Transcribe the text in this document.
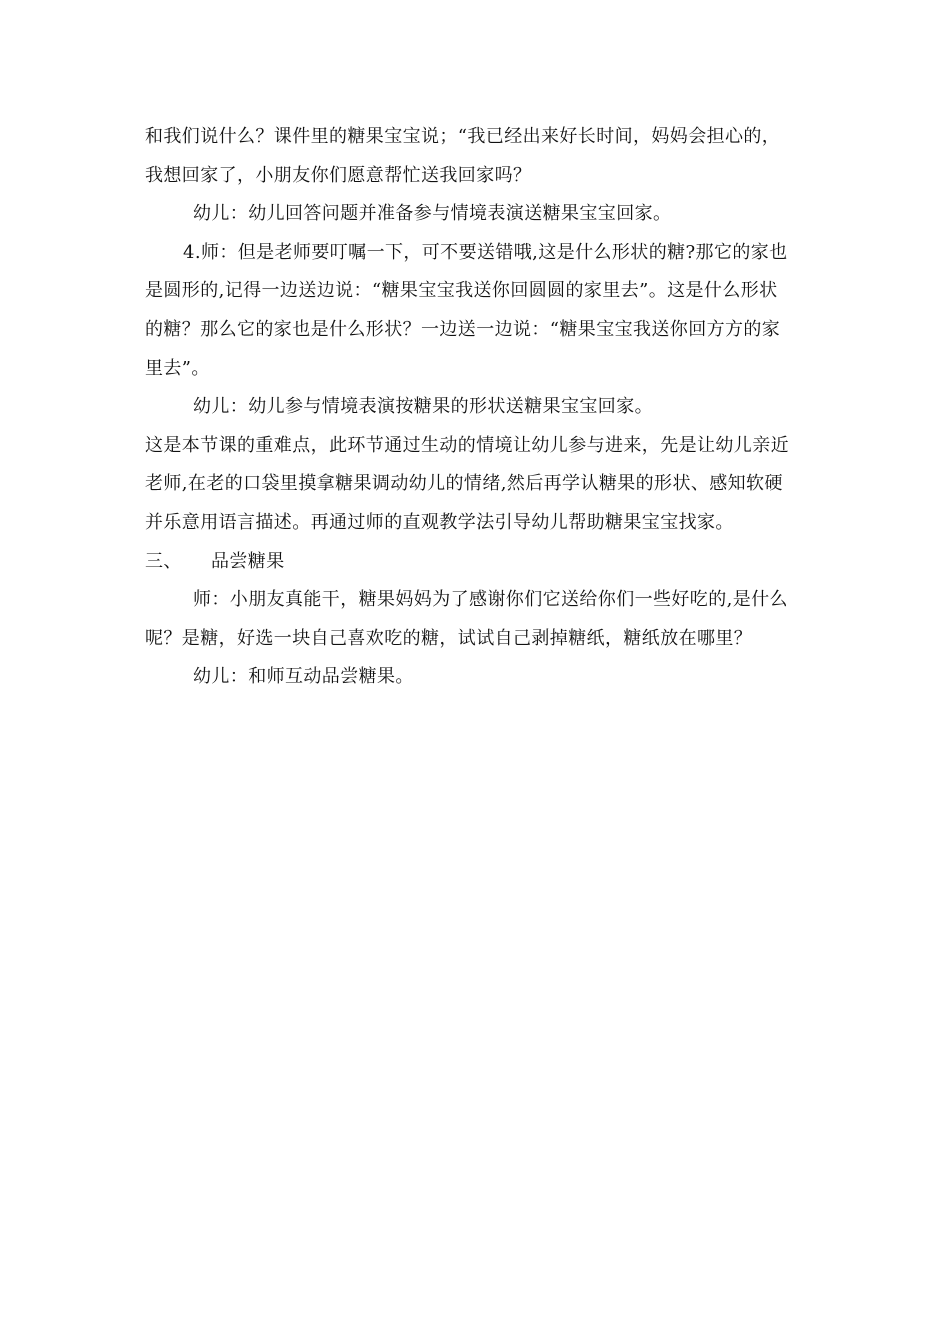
和我们说什么？课件里的糖果宝宝说；“我已经出来好长时间，妈妈会担心的，
我想回家了，小朋友你们愿意帮忙送我回家吗？
幼儿：幼儿回答问题并准备参与情境表演送糖果宝宝回家。
4.师：但是老师要叮嘱一下，可不要送错哦,这是什么形状的糖?那它的家也
是圆形的,记得一边送边说：“糖果宝宝我送你回圆圆的家里去”。这是什么形状
的糖？那么它的家也是什么形状？一边送一边说：“糖果宝宝我送你回方方的家
里去”。
幼儿：幼儿参与情境表演按糖果的形状送糖果宝宝回家。
这是本节课的重难点，此环节通过生动的情境让幼儿参与进来，先是让幼儿亲近
老师,在老的口袋里摸拿糖果调动幼儿的情绪,然后再学认糖果的形状、感知软硬
并乐意用语言描述。再通过师的直观教学法引导幼儿帮助糖果宝宝找家。
三、 品尝糖果
师：小朋友真能干，糖果妈妈为了感谢你们它送给你们一些好吃的,是什么
呢？是糖，好选一块自己喜欢吃的糖，试试自己剥掉糖纸，糖纸放在哪里？
幼儿：和师互动品尝糖果。
